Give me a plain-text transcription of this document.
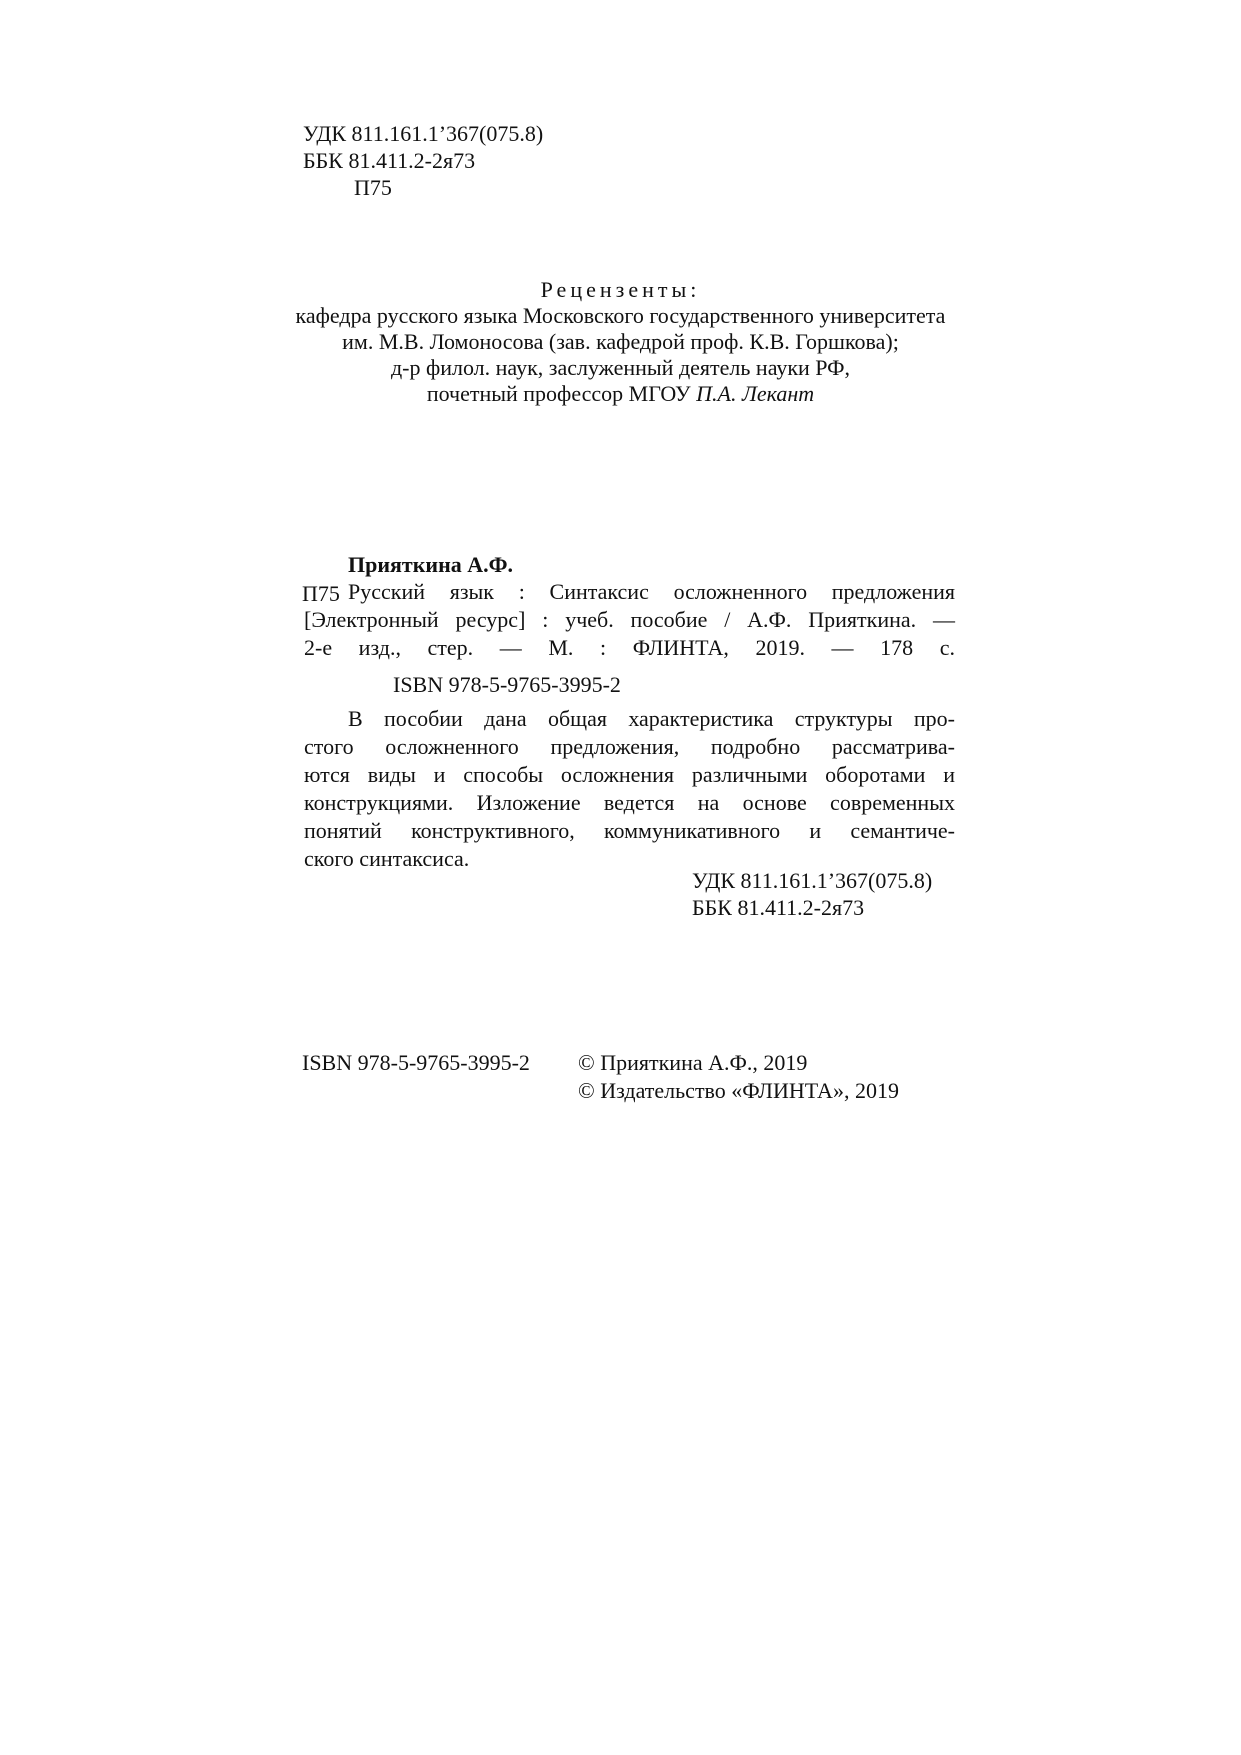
УДК 811.161.1’367(075.8)
ББК 81.411.2-2я73
П75
Рецензенты:
кафедра русского языка Московского государственного университета
им. М.В. Ломоносова (зав. кафедрой проф. К.В. Горшкова);
д-р филол. наук, заслуженный деятель науки РФ,
почетный профессор МГОУ П.А. Лекант
Прияткина А.Ф.
П75 Русский язык : Синтаксис осложненного предложения
[Электронный ресурс] : учеб. пособие / А.Ф. Прияткина. —
2-е изд., стер. — М. : ФЛИНТА, 2019. — 178 с.
ISBN 978-5-9765-3995-2
В пособии дана общая характеристика структуры про-
стого осложненного предложения, подробно рассматрива-
ются виды и способы осложнения различными оборотами и
конструкциями. Изложение ведется на основе современных
понятий конструктивного, коммуникативного и семантиче-
ского синтаксиса.
УДК 811.161.1’367(075.8)
ББК 81.411.2-2я73
ISBN 978-5-9765-3995-2 © Прияткина А.Ф., 2019
© Издательство «ФЛИНТА», 2019
